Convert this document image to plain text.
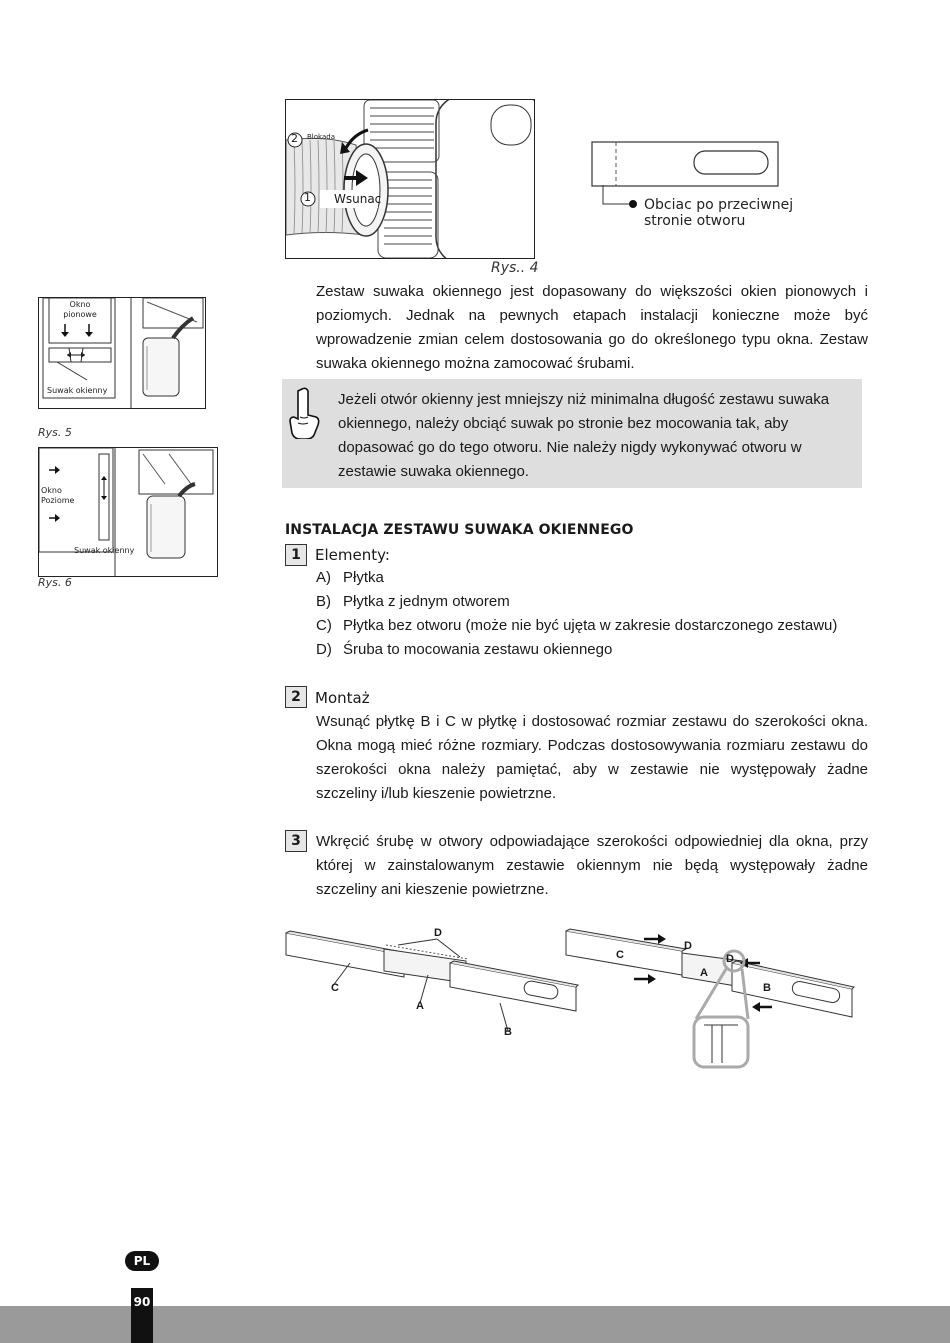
2 Blokada
1 Wsunac
Rys.. 4
Obciac po przeciwnej stronie otworu
Okno pionowe
Suwak okienny
Rys. 5
Okno Poziome
Suwak okienny
Rys. 6
Zestaw suwaka okiennego jest dopasowany do większości okien pionowych i poziomych. Jednak na pewnych etapach instalacji konieczne może być wprowadzenie zmian celem dostosowania go do określonego typu okna. Zestaw suwaka okiennego można zamocować śrubami.
Jeżeli otwór okienny jest mniejszy niż minimalna długość zestawu suwaka okiennego, należy obciąć suwak po stronie bez mocowania tak, aby dopasować go do tego otworu. Nie należy nigdy wykonywać otworu w zestawie suwaka okiennego.
INSTALACJA ZESTAWU SUWAKA OKIENNEGO
1 Elementy:
A) Płytka
B) Płytka z jednym otworem
C) Płytka bez otworu (może nie być ujęta w zakresie dostarczonego zestawu)
D) Śruba to mocowania zestawu okiennego
2 Montaż
Wsunąć płytkę B i C w płytkę i dostosować rozmiar zestawu do szerokości okna. Okna mogą mieć różne rozmiary. Podczas dostosowywania rozmiaru zestawu do szerokości okna należy pamiętać, aby w zestawie nie występowały żadne szczeliny i/lub kieszenie powietrzne.
3	Wkręcić śrubę w otwory odpowiadające szerokości odpowiedniej dla okna, przy której w zainstalowanym zestawie okiennym nie będą występowały żadne szczeliny ani kieszenie powietrzne.
D
C
A
B
C
D
D
A
B
PL
90
